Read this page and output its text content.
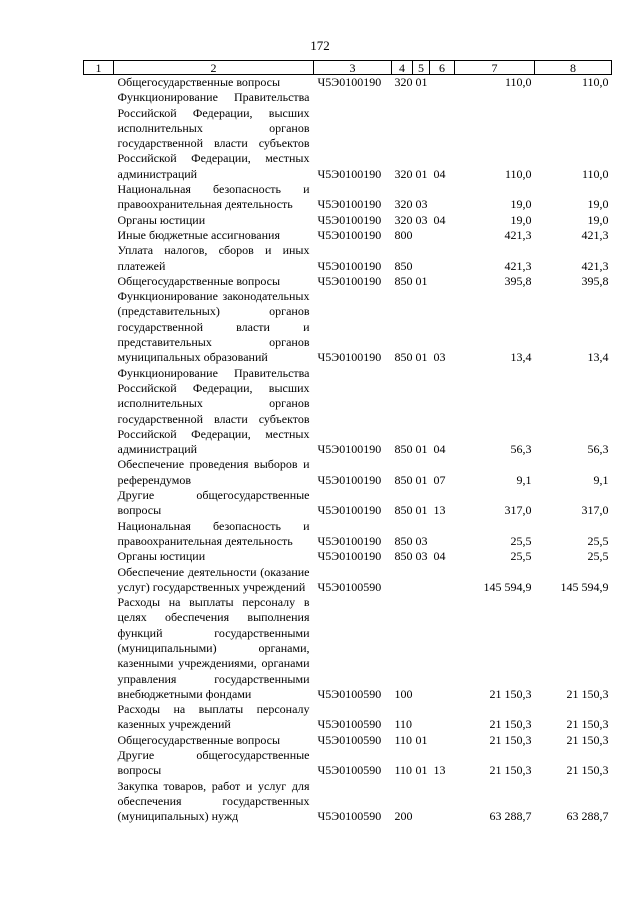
172
1	2	3	4	5	6	7	8
	Общегосударственные вопросы	Ч5Э0100190	320	01		110,0	110,0
	Функционирование Правительства Российской Федерации, высших исполнительных органов государственной власти субъектов Российской Федерации, местных администраций	Ч5Э0100190	320	01	04	110,0	110,0
	Национальная безопасность и правоохранительная деятельность	Ч5Э0100190	320	03		19,0	19,0
	Органы юстиции	Ч5Э0100190	320	03	04	19,0	19,0
	Иные бюджетные ассигнования	Ч5Э0100190	800			421,3	421,3
	Уплата налогов, сборов и иных платежей	Ч5Э0100190	850			421,3	421,3
	Общегосударственные вопросы	Ч5Э0100190	850	01		395,8	395,8
	Функционирование законодательных (представительных) органов государственной власти и представительных органов муниципальных образований	Ч5Э0100190	850	01	03	13,4	13,4
	Функционирование Правительства Российской Федерации, высших исполнительных органов государственной власти субъектов Российской Федерации, местных администраций	Ч5Э0100190	850	01	04	56,3	56,3
	Обеспечение проведения выборов и референдумов	Ч5Э0100190	850	01	07	9,1	9,1
	Другие общегосударственные вопросы	Ч5Э0100190	850	01	13	317,0	317,0
	Национальная безопасность и правоохранительная деятельность	Ч5Э0100190	850	03		25,5	25,5
	Органы юстиции	Ч5Э0100190	850	03	04	25,5	25,5
	Обеспечение деятельности (оказание услуг) государственных учреждений	Ч5Э0100590				145 594,9	145 594,9
	Расходы на выплаты персоналу в целях обеспечения выполнения функций государственными (муниципальными) органами, казенными учреждениями, органами управления государственными внебюджетными фондами	Ч5Э0100590	100			21 150,3	21 150,3
	Расходы на выплаты персоналу казенных учреждений	Ч5Э0100590	110			21 150,3	21 150,3
	Общегосударственные вопросы	Ч5Э0100590	110	01		21 150,3	21 150,3
	Другие общегосударственные вопросы	Ч5Э0100590	110	01	13	21 150,3	21 150,3
	Закупка товаров, работ и услуг для обеспечения государственных (муниципальных) нужд	Ч5Э0100590	200			63 288,7	63 288,7
